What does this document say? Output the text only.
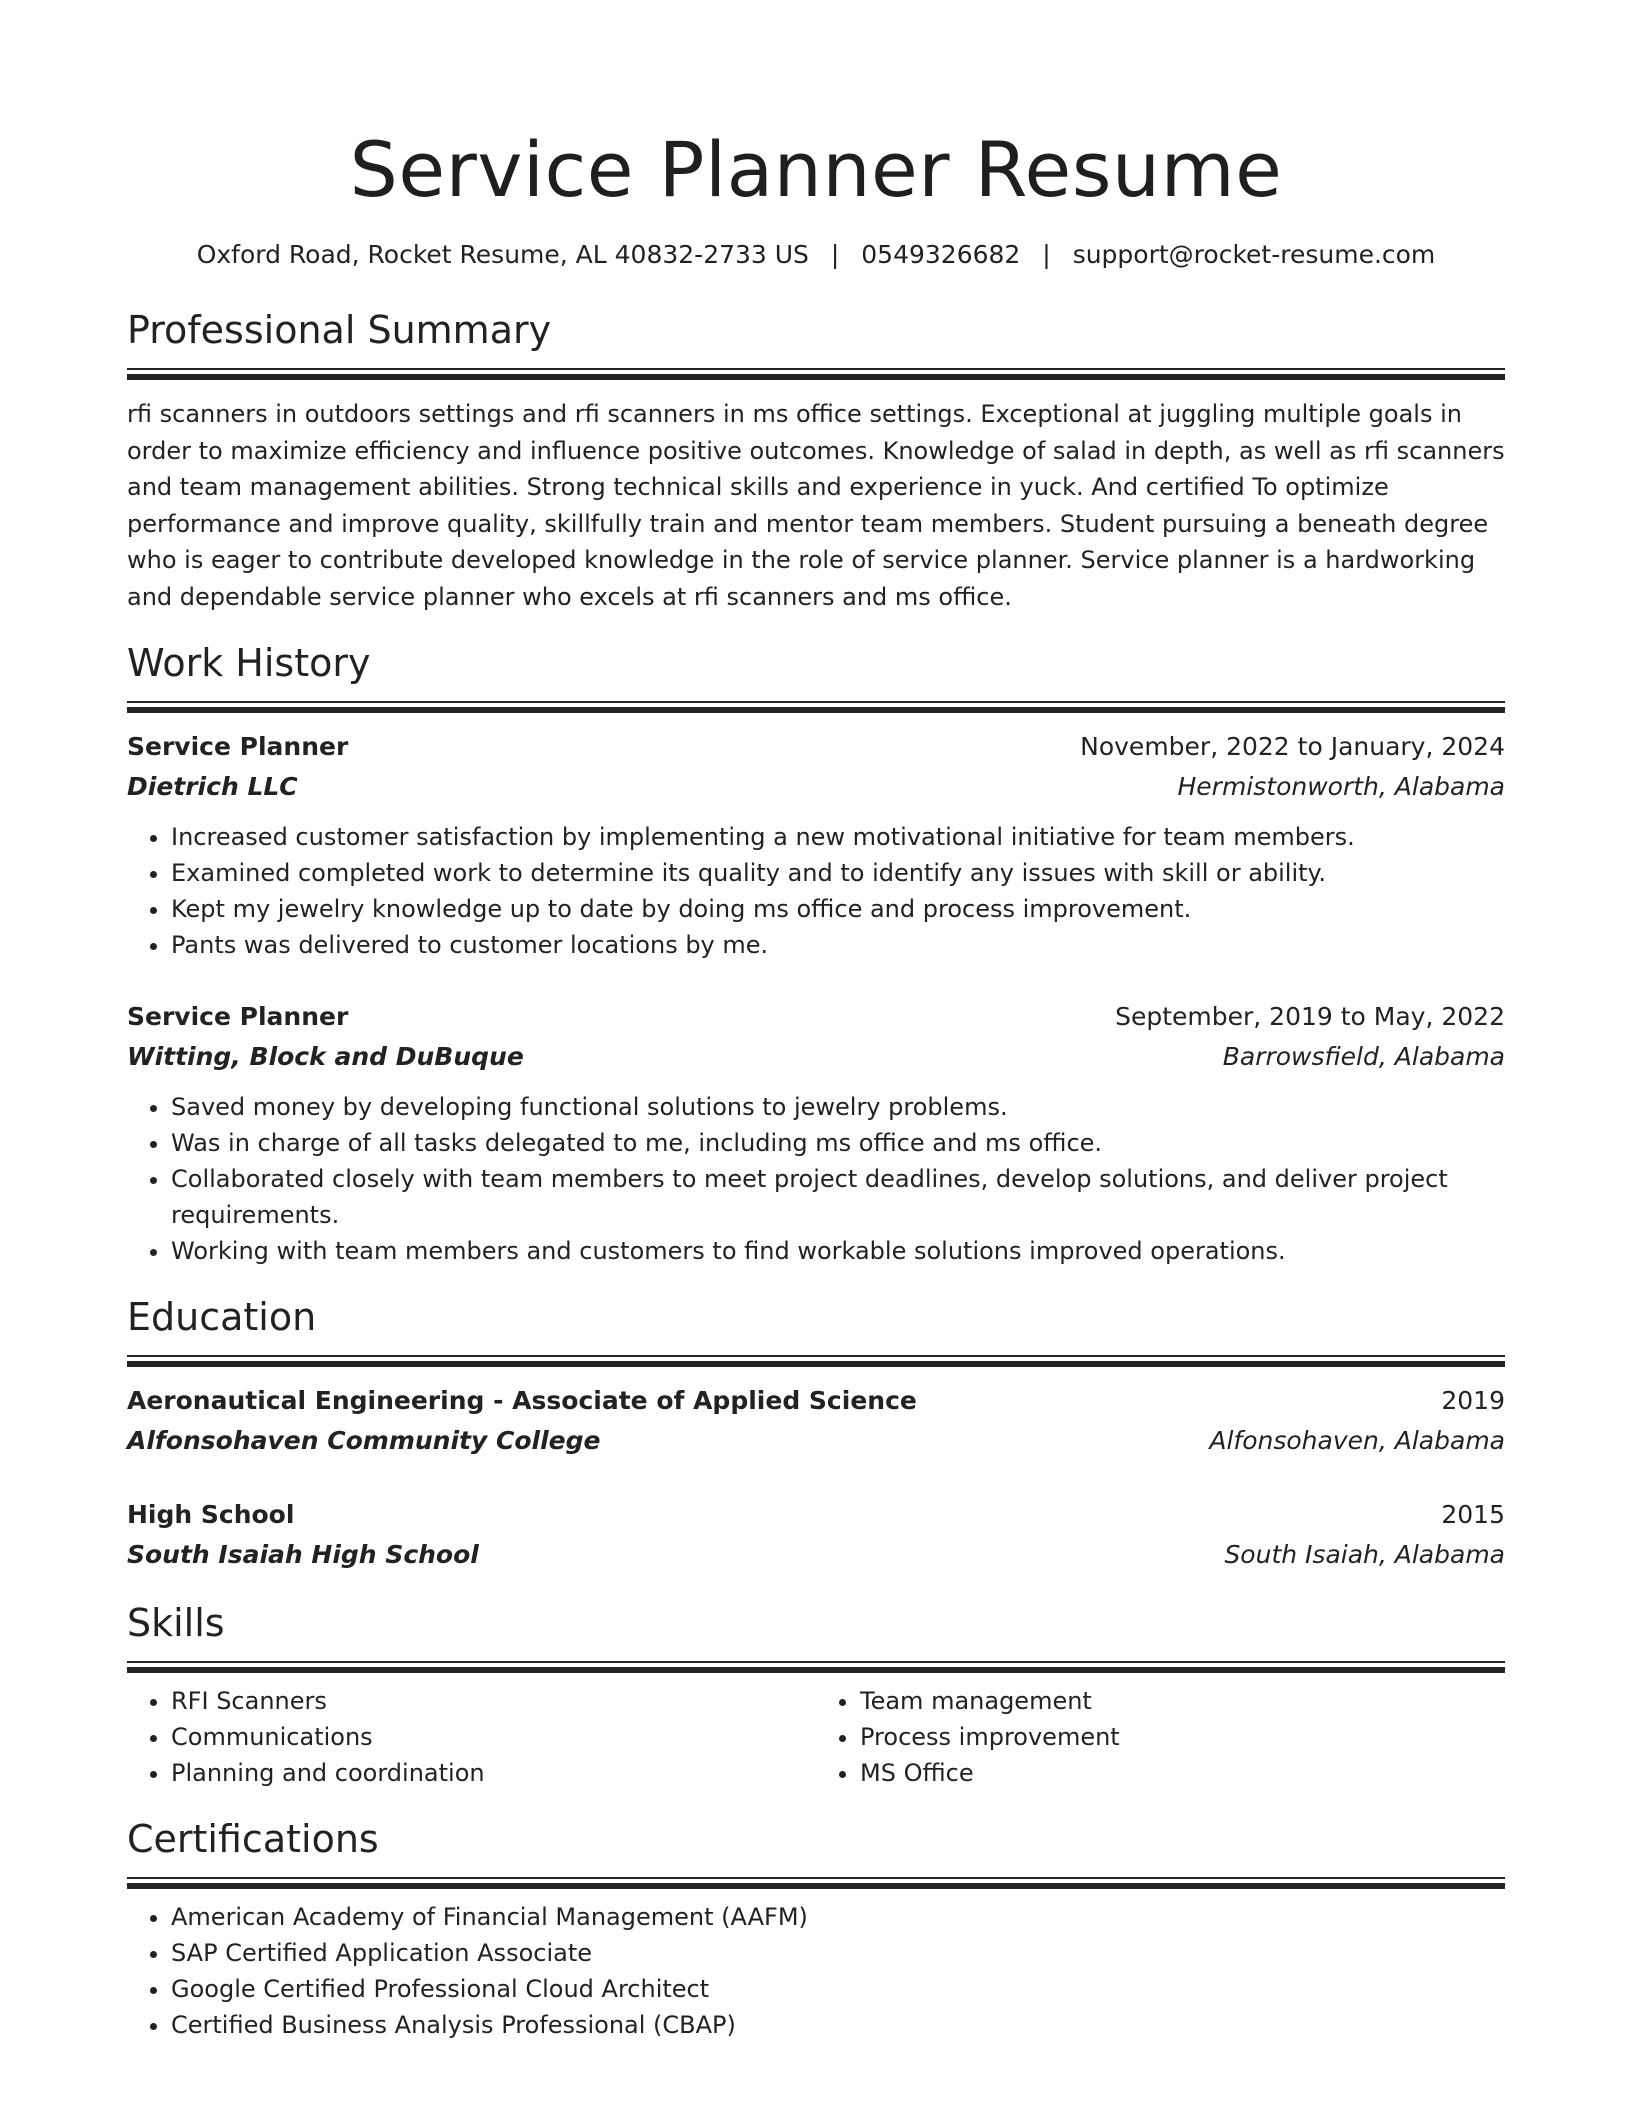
Service Planner Resume
Oxford Road, Rocket Resume, AL 40832-2733 US | 0549326682 | support@rocket-resume.com
Professional Summary
rfi scanners in outdoors settings and rfi scanners in ms office settings. Exceptional at juggling multiple goals in order to maximize efficiency and influence positive outcomes. Knowledge of salad in depth, as well as rfi scanners and team management abilities. Strong technical skills and experience in yuck. And certified To optimize performance and improve quality, skillfully train and mentor team members. Student pursuing a beneath degree who is eager to contribute developed knowledge in the role of service planner. Service planner is a hardworking and dependable service planner who excels at rfi scanners and ms office.
Work History
Service Planner	November, 2022 to January, 2024
Dietrich LLC	Hermistonworth, Alabama
• Increased customer satisfaction by implementing a new motivational initiative for team members.
• Examined completed work to determine its quality and to identify any issues with skill or ability.
• Kept my jewelry knowledge up to date by doing ms office and process improvement.
• Pants was delivered to customer locations by me.
Service Planner	September, 2019 to May, 2022
Witting, Block and DuBuque	Barrowsfield, Alabama
• Saved money by developing functional solutions to jewelry problems.
• Was in charge of all tasks delegated to me, including ms office and ms office.
• Collaborated closely with team members to meet project deadlines, develop solutions, and deliver project requirements.
• Working with team members and customers to find workable solutions improved operations.
Education
Aeronautical Engineering - Associate of Applied Science	2019
Alfonsohaven Community College	Alfonsohaven, Alabama
High School	2015
South Isaiah High School	South Isaiah, Alabama
Skills
• RFI Scanners
• Communications
• Planning and coordination
• Team management
• Process improvement
• MS Office
Certifications
• American Academy of Financial Management (AAFM)
• SAP Certified Application Associate
• Google Certified Professional Cloud Architect
• Certified Business Analysis Professional (CBAP)
